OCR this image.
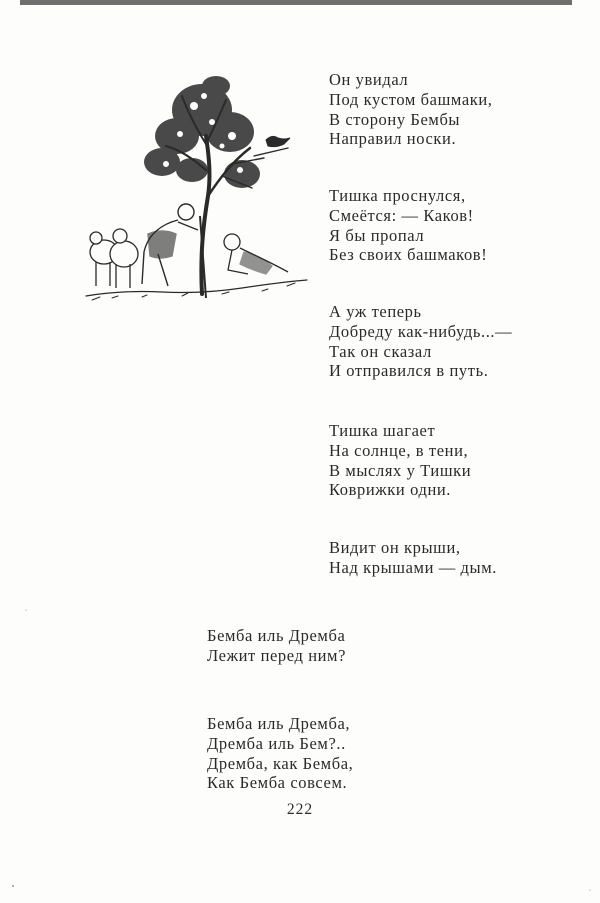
Он увидал
Под кустом башмаки,
В сторону Бембы
Направил носки.
Тишка проснулся,
Смеётся: — Каков!
Я бы пропал
Без своих башмаков!
А уж теперь
Добреду как-нибудь...—
Так он сказал
И отправился в путь.
Тишка шагает
На солнце, в тени,
В мыслях у Тишки
Коврижки одни.
Видит он крыши,
Над крышами — дым.
Бемба иль Дремба
Лежит перед ним?
Бемба иль Дремба,
Дремба иль Бем?..
Дремба, как Бемба,
Как Бемба совсем.
222
